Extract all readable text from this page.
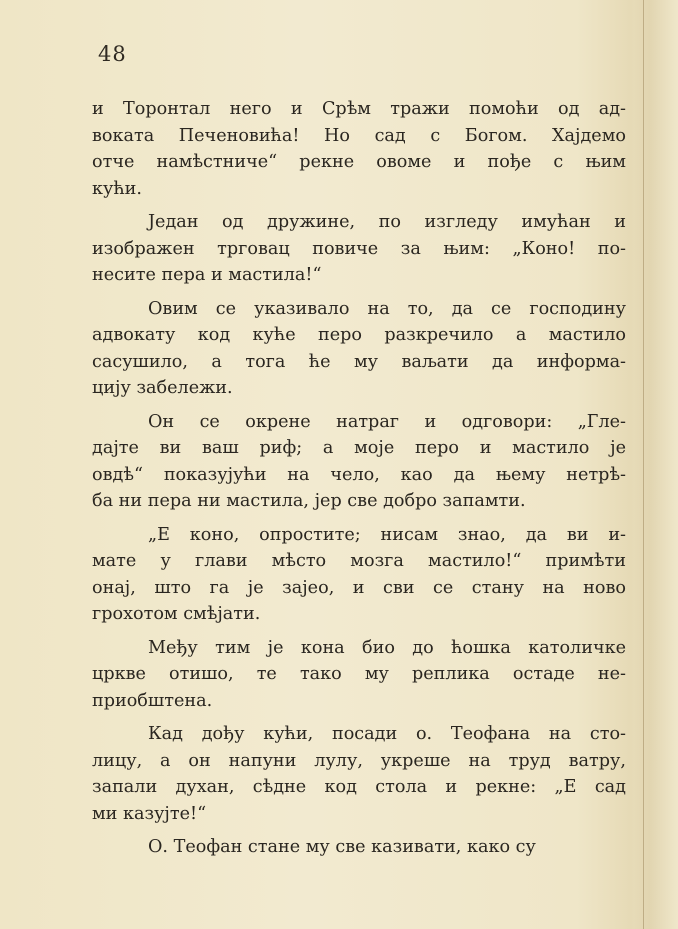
48
и Торонтал него и Срѣм тражи помоћи од ад-
воката Печеновића! Но сад с Богом. Хајдемо
отче намѣстниче“ рекне овоме и пође с њим
кући.
Један од дружине, по изгледу имућан и
изображен трговац повиче за њим: „Коно! по-
несите пера и мастила!“
Овим се указивало на то, да се господину
адвокату код куће перо разкречило а мастило
сасушило, а тога ће му ваљати да информа-
цију забележи.
Он се окрене натраг и одговори: „Гле-
дајте ви ваш риф; а моје перо и мастило је
овдѣ“ показујући на чело, као да њему нетрѣ-
ба ни пера ни мастила, јер све добро запамти.
„Е коно, опростите; нисам знао, да ви и-
мате у глави мѣсто мозга мастило!“ примѣти
онај, што га је зајео, и сви се стану на ново
грохотом смѣјати.
Међу тим је кона био до ћошка католичке
цркве отишо, те тако му реплика остаде не-
приобштена.
Кад дођу кући, посади о. Теофана на сто-
лицу, а он напуни лулу, укреше на труд ватру,
запали духан, сѣдне код стола и рекне: „Е сад
ми казујте!“
О. Теофан стане му све казивати, како су
